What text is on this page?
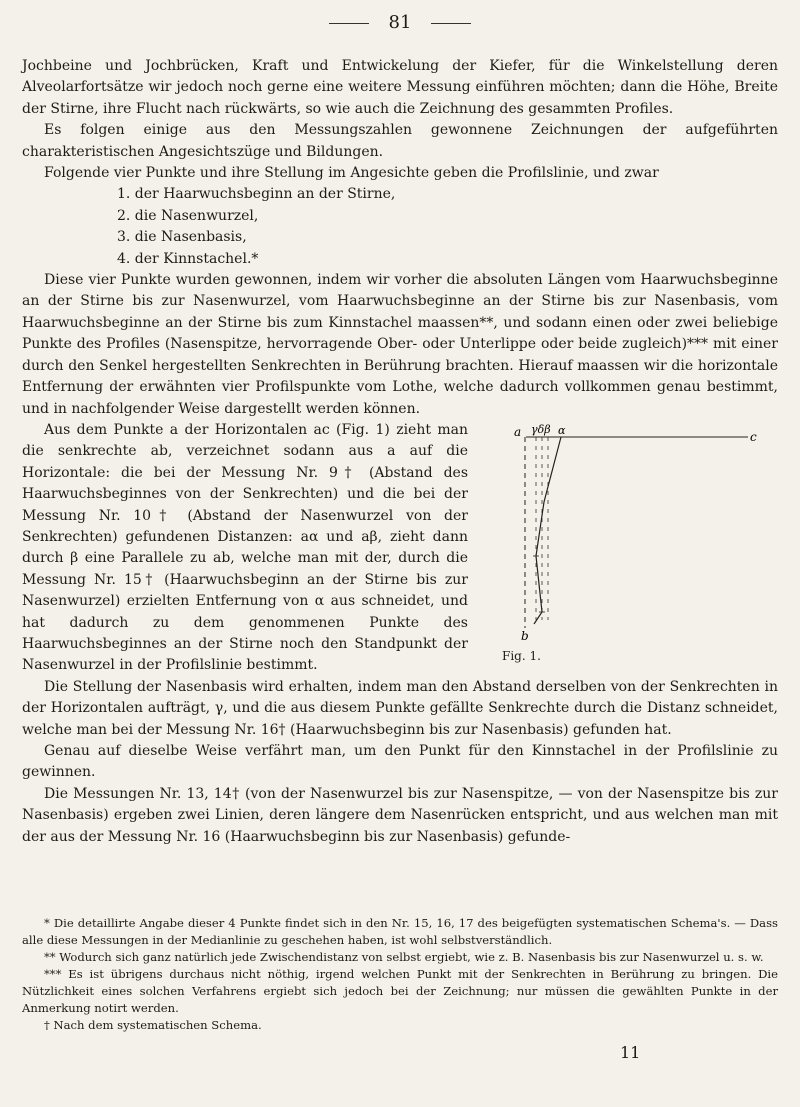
81

Jochbeine und Jochbrücken, Kraft und Entwickelung der Kiefer, für die Winkelstellung deren Alveolarfortsätze wir jedoch noch gerne eine weitere Messung einführen möchten; dann die Höhe, Breite der Stirne, ihre Flucht nach rückwärts, so wie auch die Zeichnung des gesammten Profiles.

Es folgen einige aus den Messungszahlen gewonnene Zeichnungen der aufgeführten charakteristischen Angesichtszüge und Bildungen.

Folgende vier Punkte und ihre Stellung im Angesichte geben die Profilslinie, und zwar

1. der Haarwuchsbeginn an der Stirne,
2. die Nasenwurzel,
3. die Nasenbasis,
4. der Kinnstachel.*

Diese vier Punkte wurden gewonnen, indem wir vorher die absoluten Längen vom Haarwuchsbeginne an der Stirne bis zur Nasenwurzel, vom Haarwuchsbeginne an der Stirne bis zur Nasenbasis, vom Haarwuchsbeginne an der Stirne bis zum Kinnstachel maassen**, und sodann einen oder zwei beliebige Punkte des Profiles (Nasenspitze, hervorragende Ober- oder Unterlippe oder beide zugleich)*** mit einer durch den Senkel hergestellten Senkrechten in Berührung brachten. Hierauf maassen wir die horizontale Entfernung der erwähnten vier Profilspunkte vom Lothe, welche dadurch vollkommen genau bestimmt, und in nachfolgender Weise dargestellt werden können.

a γδβ α	c
b
Fig. 1.

Aus dem Punkte a der Horizontalen ac (Fig. 1) zieht man die senkrechte ab, verzeichnet sodann aus a auf die Horizontale: die bei der Messung Nr. 9† (Abstand des Haarwuchsbeginnes von der Senkrechten) und die bei der Messung Nr. 10† (Abstand der Nasenwurzel von der Senkrechten) gefundenen Distanzen: aα und aβ, zieht dann durch β eine Parallele zu ab, welche man mit der, durch die Messung Nr. 15† (Haarwuchsbeginn an der Stirne bis zur Nasenwurzel) erzielten Entfernung von α aus schneidet, und hat dadurch zu dem genommenen Punkte des Haarwuchsbeginnes an der Stirne noch den Standpunkt der Nasenwurzel in der Profilslinie bestimmt.

Die Stellung der Nasenbasis wird erhalten, indem man den Abstand derselben von der Senkrechten in der Horizontalen aufträgt, γ, und die aus diesem Punkte gefällte Senkrechte durch die Distanz schneidet, welche man bei der Messung Nr. 16† (Haarwuchsbeginn bis zur Nasenbasis) gefunden hat.

Genau auf dieselbe Weise verfährt man, um den Punkt für den Kinnstachel in der Profilslinie zu gewinnen.

Die Messungen Nr. 13, 14† (von der Nasenwurzel bis zur Nasenspitze, — von der Nasenspitze bis zur Nasenbasis) ergeben zwei Linien, deren längere dem Nasenrücken entspricht, und aus welchen man mit der aus der Messung Nr. 16 (Haarwuchsbeginn bis zur Nasenbasis) gefunde-

* Die detaillirte Angabe dieser 4 Punkte findet sich in den Nr. 15, 16, 17 des beigefügten systematischen Schema's. — Dass alle diese Messungen in der Medianlinie zu geschehen haben, ist wohl selbstverständlich.

** Wodurch sich ganz natürlich jede Zwischendistanz von selbst ergiebt, wie z. B. Nasenbasis bis zur Nasenwurzel u. s. w.

*** Es ist übrigens durchaus nicht nöthig, irgend welchen Punkt mit der Senkrechten in Berührung zu bringen. Die Nützlichkeit eines solchen Verfahrens ergiebt sich jedoch bei der Zeichnung; nur müssen die gewählten Punkte in der Anmerkung notirt werden.

† Nach dem systematischen Schema.

11
